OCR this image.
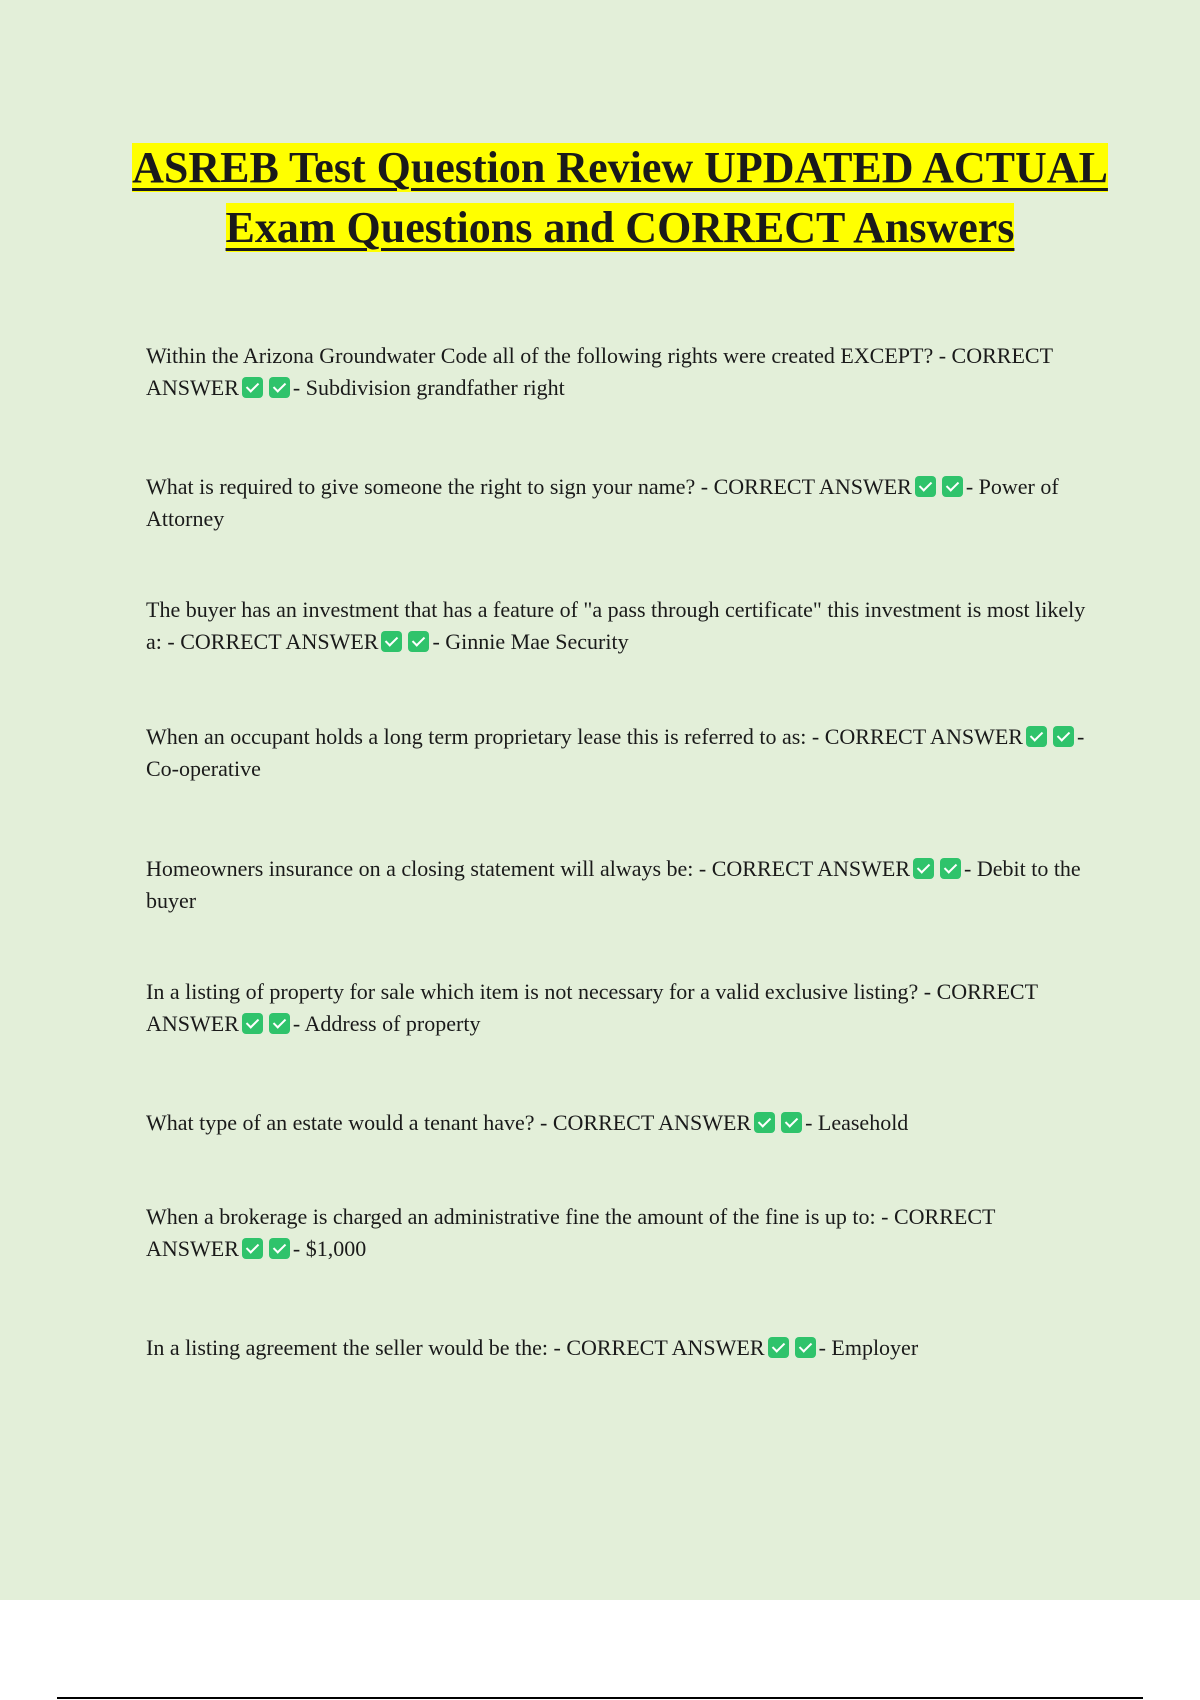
ASREB Test Question Review UPDATED ACTUAL Exam Questions and CORRECT Answers

Within the Arizona Groundwater Code all of the following rights were created EXCEPT? - CORRECT ANSWER - Subdivision grandfather right

What is required to give someone the right to sign your name? - CORRECT ANSWER - Power of Attorney

The buyer has an investment that has a feature of "a pass through certificate" this investment is most likely a: - CORRECT ANSWER - Ginnie Mae Security

When an occupant holds a long term proprietary lease this is referred to as: - CORRECT ANSWER - Co-operative

Homeowners insurance on a closing statement will always be: - CORRECT ANSWER - Debit to the buyer

In a listing of property for sale which item is not necessary for a valid exclusive listing? - CORRECT ANSWER - Address of property

What type of an estate would a tenant have? - CORRECT ANSWER - Leasehold

When a brokerage is charged an administrative fine the amount of the fine is up to: - CORRECT ANSWER - $1,000

In a listing agreement the seller would be the: - CORRECT ANSWER - Employer
